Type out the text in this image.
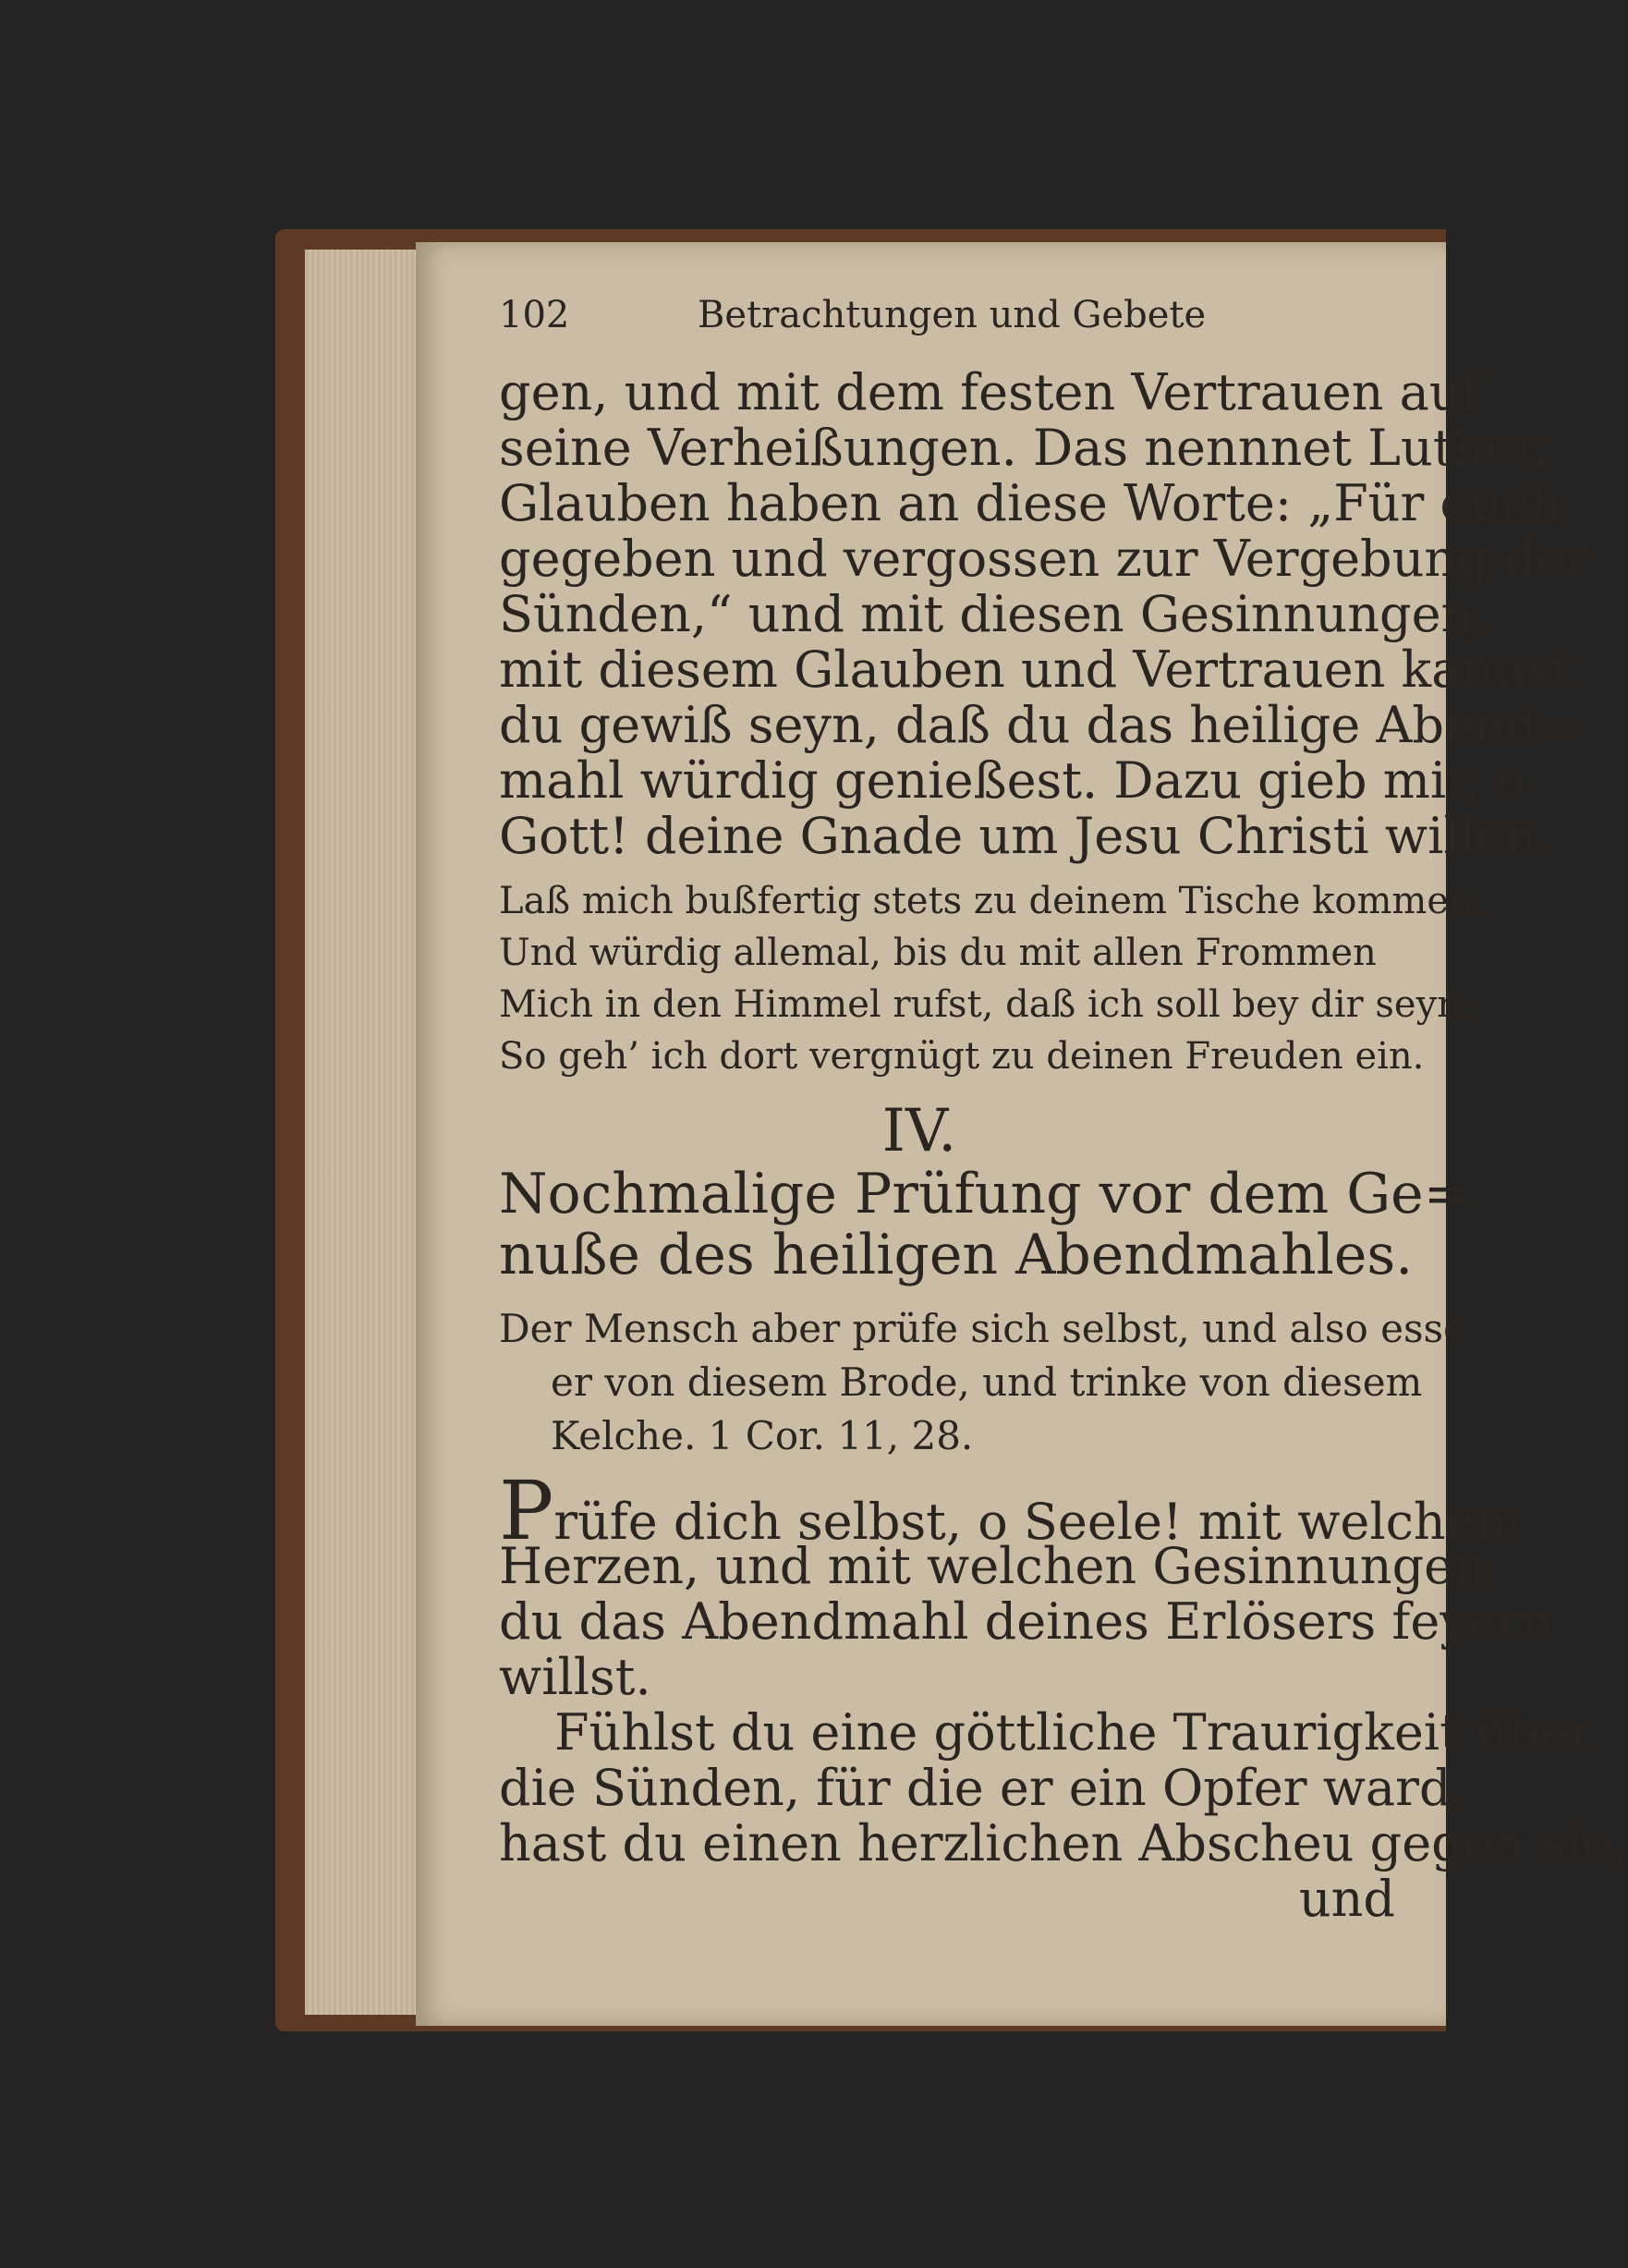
102	Betrachtungen und Gebete
gen, und mit dem festen Vertrauen auf
seine Verheißungen. Das nennnet Luther,
Glauben haben an diese Worte: „Für euch
gegeben und vergossen zur Vergebung der
Sünden,“ und mit diesen Gesinnungen,
mit diesem Glauben und Vertrauen kannst
du gewiß seyn, daß du das heilige Abend=
mahl würdig genießest. Dazu gieb mir, o
Gott! deine Gnade um Jesu Christi willen.
Laß mich bußfertig stets zu deinem Tische kommen,
Und würdig allemal, bis du mit allen Frommen
Mich in den Himmel rufst, daß ich soll bey dir seyn;
So geh’ ich dort vergnügt zu deinen Freuden ein.
IV.
Nochmalige Prüfung vor dem Ge=
nuße des heiligen Abendmahles.
Der Mensch aber prüfe sich selbst, und also esse
er von diesem Brode, und trinke von diesem
Kelche. 1 Cor. 11, 28.
Prüfe dich selbst, o Seele! mit welchem
Herzen, und mit welchen Gesinnungen
du das Abendmahl deines Erlösers feyern
willst.
Fühlst du eine göttliche Traurigkeit über
die Sünden, für die er ein Opfer ward,
hast du einen herzlichen Abscheu gegen sie,
und
